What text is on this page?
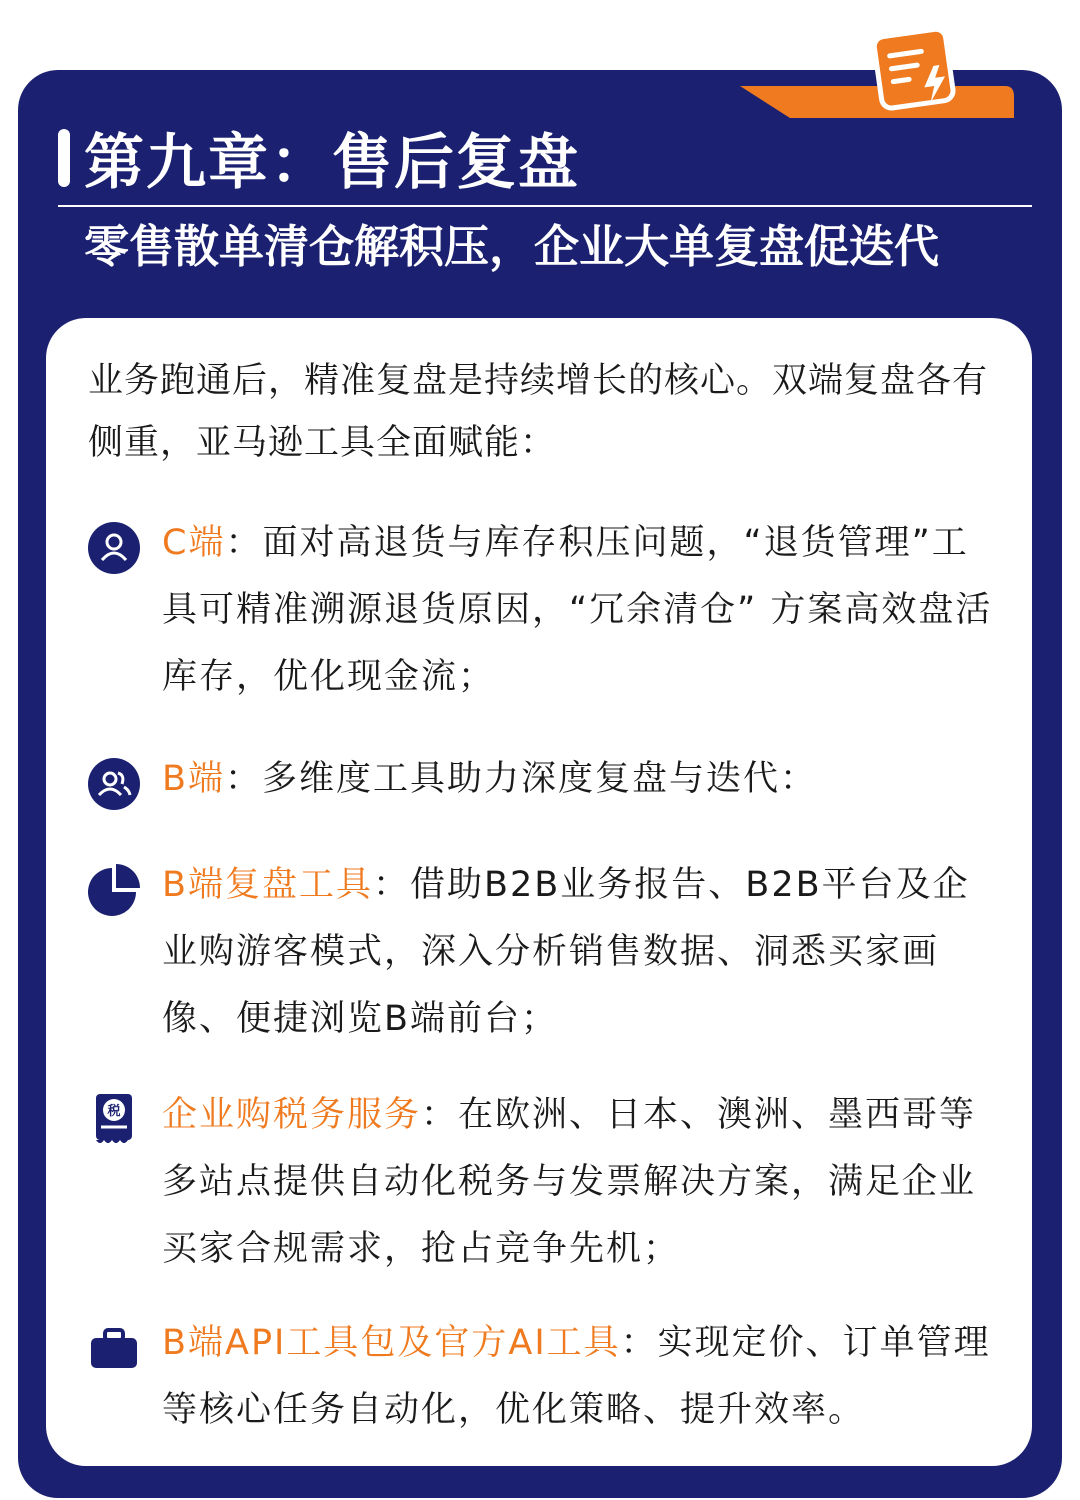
第九章：售后复盘
零售散单清仓解积压，企业大单复盘促迭代
业务跑通后，精准复盘是持续增长的核心。双端复盘各有侧重，亚马逊工具全面赋能：
C端：面对高退货与库存积压问题，“退货管理”工具可精准溯源退货原因，“冗余清仓” 方案高效盘活库存，优化现金流；
B端：多维度工具助力深度复盘与迭代：
B端复盘工具：借助B2B业务报告、B2B平台及企业购游客模式，深入分析销售数据、洞悉买家画像、便捷浏览B端前台；
税 企业购税务服务：在欧洲、日本、澳洲、墨西哥等多站点提供自动化税务与发票解决方案，满足企业买家合规需求，抢占竞争先机；
B端API工具包及官方AI工具：实现定价、订单管理等核心任务自动化，优化策略、提升效率。
